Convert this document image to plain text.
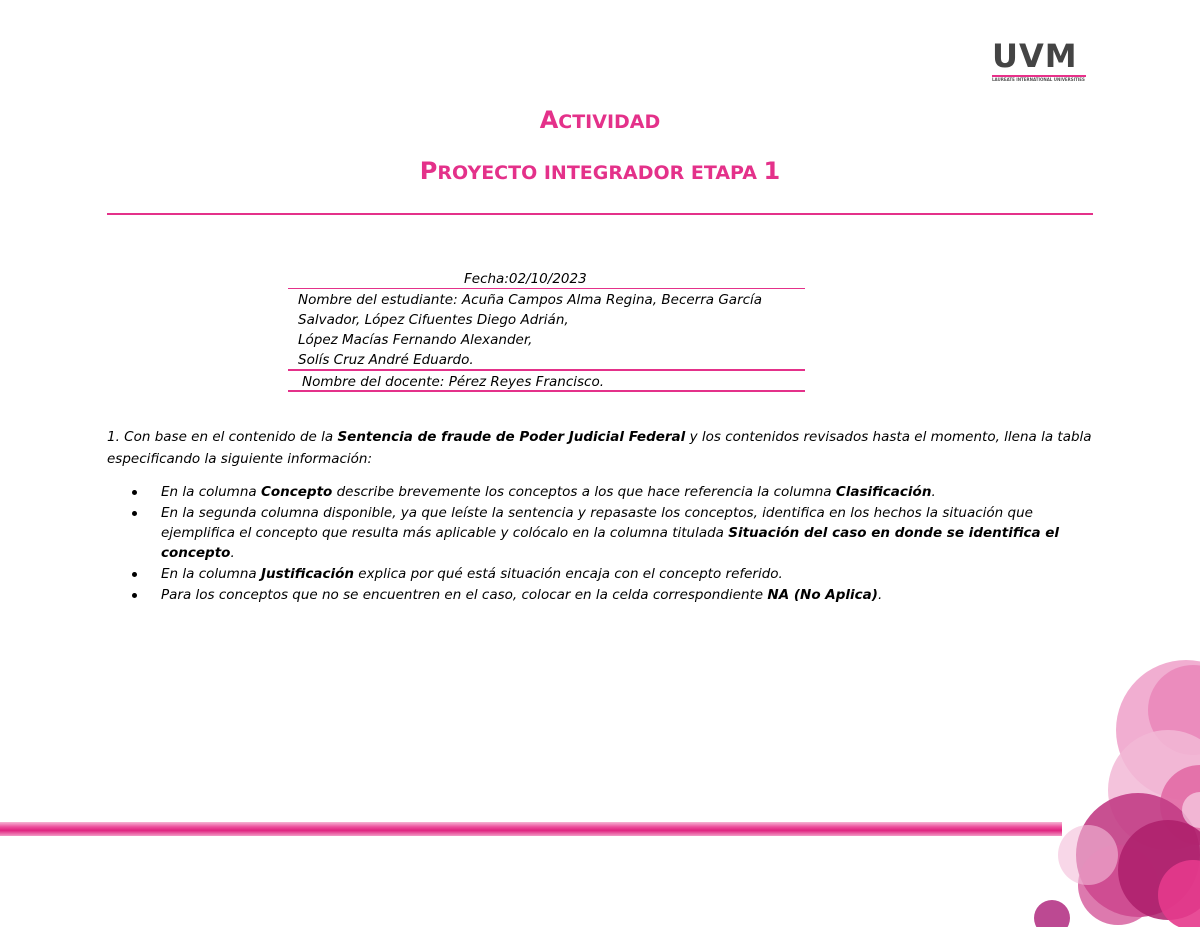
UVM
LAUREATE INTERNATIONAL UNIVERSITIES
ACTIVIDAD
PROYECTO INTEGRADOR ETAPA 1
Fecha:02/10/2023
Nombre del estudiante: Acuña Campos Alma Regina, Becerra García
Salvador, López Cifuentes Diego Adrián,
López Macías Fernando Alexander,
Solís Cruz André Eduardo.
Nombre del docente: Pérez Reyes Francisco.
1. Con base en el contenido de la Sentencia de fraude de Poder Judicial Federal y los contenidos revisados hasta el momento, llena la tabla especificando la siguiente información:
En la columna Concepto describe brevemente los conceptos a los que hace referencia la columna Clasificación.
En la segunda columna disponible, ya que leíste la sentencia y repasaste los conceptos, identifica en los hechos la situación que ejemplifica el concepto que resulta más aplicable y colócalo en la columna titulada Situación del caso en donde se identifica el concepto.
En la columna Justificación explica por qué está situación encaja con el concepto referido.
Para los conceptos que no se encuentren en el caso, colocar en la celda correspondiente NA (No Aplica).
